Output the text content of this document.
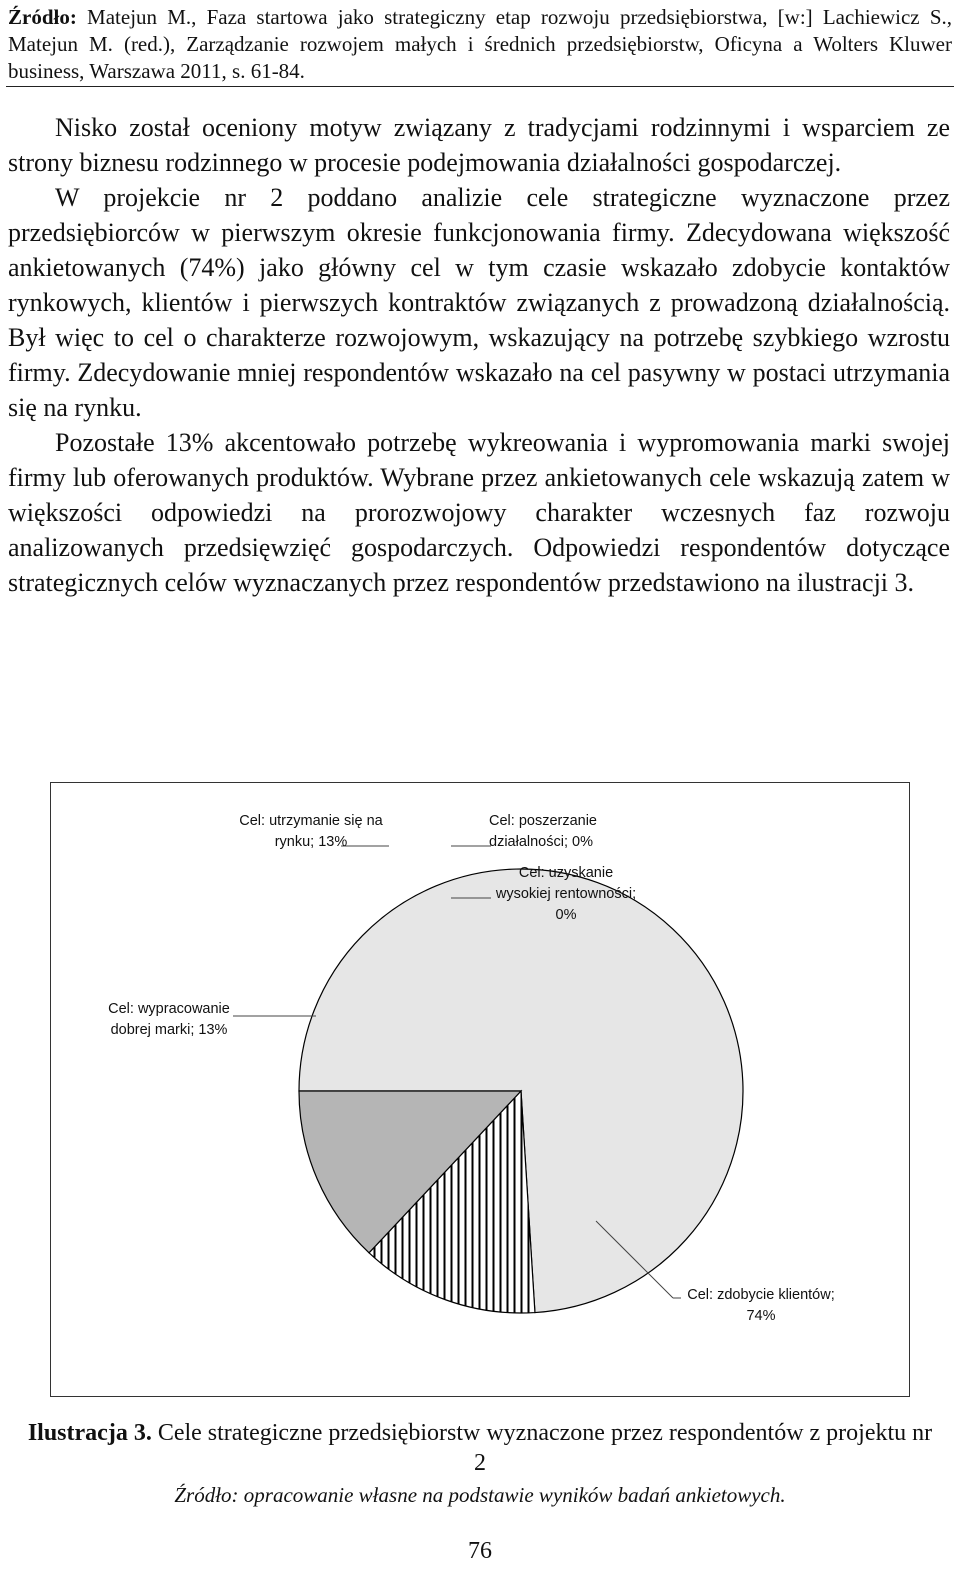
Źródło: Matejun M., Faza startowa jako strategiczny etap rozwoju przedsiębiorstwa, [w:] Lachiewicz S., Matejun M. (red.), Zarządzanie rozwojem małych i średnich przedsiębiorstw, Oficyna a Wolters Kluwer business, Warszawa 2011, s. 61-84.

Nisko został oceniony motyw związany z tradycjami rodzinnymi i wsparciem ze strony biznesu rodzinnego w procesie podejmowania działalności gospodarczej.

W projekcie nr 2 poddano analizie cele strategiczne wyznaczone przez przedsiębiorców w pierwszym okresie funkcjonowania firmy. Zdecydowana większość ankietowanych (74%) jako główny cel w tym czasie wskazało zdobycie kontaktów rynkowych, klientów i pierwszych kontraktów związanych z prowadzoną działalnością. Był więc to cel o charakterze rozwojowym, wskazujący na potrzebę szybkiego wzrostu firmy. Zdecydowanie mniej respondentów wskazało na cel pasywny w postaci utrzymania się na rynku.

Pozostałe 13% akcentowało potrzebę wykreowania i wypromowania marki swojej firmy lub oferowanych produktów. Wybrane przez ankietowanych cele wskazują zatem w większości odpowiedzi na prorozwojowy charakter wczesnych faz rozwoju analizowanych przedsięwzięć gospodarczych. Odpowiedzi respondentów dotyczące strategicznych celów wyznaczanych przez respondentów przedstawiono na ilustracji 3.

Cel: utrzymanie się na
rynku; 13%
Cel: poszerzanie
działalności; 0%
Cel: uzyskanie
wysokiej rentowności;
0%
Cel: wypracowanie
dobrej marki; 13%
Cel: zdobycie klientów;
74%
Ilustracja 3. Cele strategiczne przedsiębiorstw wyznaczone przez respondentów z projektu nr 2
Źródło: opracowanie własne na podstawie wyników badań ankietowych.
76
